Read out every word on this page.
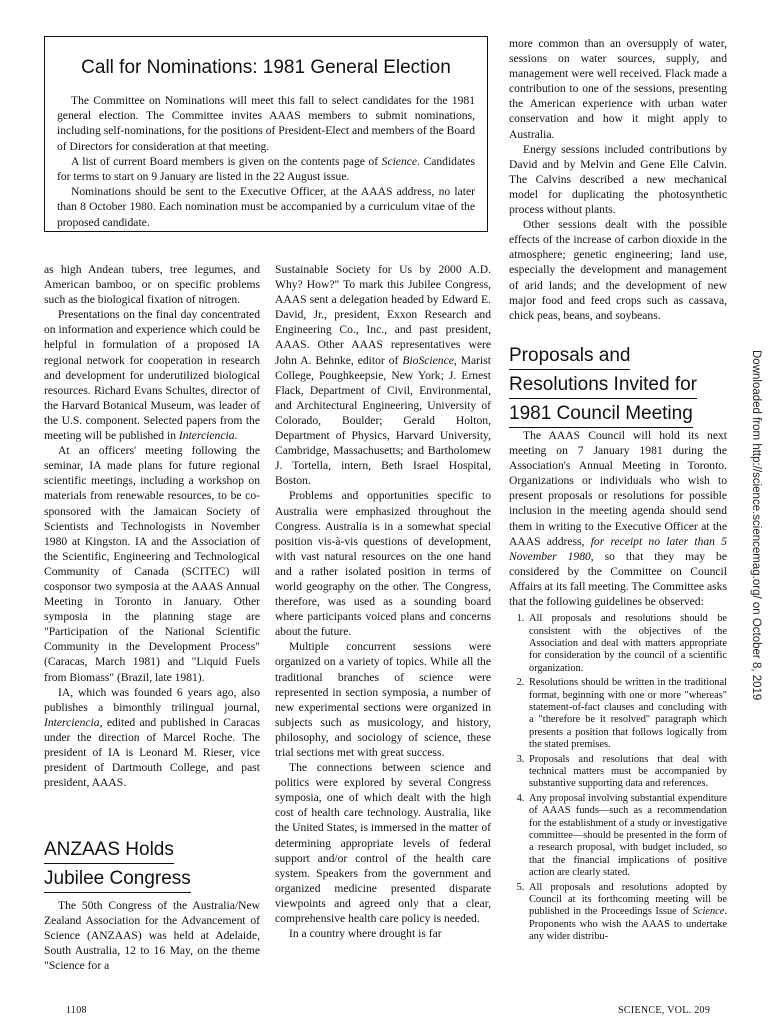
Call for Nominations: 1981 General Election

The Committee on Nominations will meet this fall to select candidates for the 1981 general election. The Committee invites AAAS members to submit nominations, including self-nominations, for the positions of President-Elect and members of the Board of Directors for consideration at that meeting.

A list of current Board members is given on the contents page of Science. Candidates for terms to start on 9 January are listed in the 22 August issue.

Nominations should be sent to the Executive Officer, at the AAAS address, no later than 8 October 1980. Each nomination must be accompanied by a curriculum vitae of the proposed candidate.

as high Andean tubers, tree legumes, and American bamboo, or on specific problems such as the biological fixation of nitrogen.

Presentations on the final day concentrated on information and experience which could be helpful in formulation of a proposed IA regional network for cooperation in research and development for underutilized biological resources. Richard Evans Schultes, director of the Harvard Botanical Museum, was leader of the U.S. component. Selected papers from the meeting will be published in Interciencia.

At an officers' meeting following the seminar, IA made plans for future regional scientific meetings, including a workshop on materials from renewable resources, to be co-sponsored with the Jamaican Society of Scientists and Technologists in November 1980 at Kingston. IA and the Association of the Scientific, Engineering and Technological Community of Canada (SCITEC) will cosponsor two symposia at the AAAS Annual Meeting in Toronto in January. Other symposia in the planning stage are "Participation of the National Scientific Community in the Development Process" (Caracas, March 1981) and "Liquid Fuels from Biomass" (Brazil, late 1981).

IA, which was founded 6 years ago, also publishes a bimonthly trilingual journal, Interciencia, edited and published in Caracas under the direction of Marcel Roche. The president of IA is Leonard M. Rieser, vice president of Dartmouth College, and past president, AAAS.

ANZAAS Holds
Jubilee Congress

The 50th Congress of the Australia/New Zealand Association for the Advancement of Science (ANZAAS) was held at Adelaide, South Australia, 12 to 16 May, on the theme "Science for a

Sustainable Society for Us by 2000 A.D. Why? How?" To mark this Jubilee Congress, AAAS sent a delegation headed by Edward E. David, Jr., president, Exxon Research and Engineering Co., Inc., and past president, AAAS. Other AAAS representatives were John A. Behnke, editor of BioScience, Marist College, Poughkeepsie, New York; J. Ernest Flack, Department of Civil, Environmental, and Architectural Engineering, University of Colorado, Boulder; Gerald Holton, Department of Physics, Harvard University, Cambridge, Massachusetts; and Bartholomew J. Tortella, intern, Beth Israel Hospital, Boston.

Problems and opportunities specific to Australia were emphasized throughout the Congress. Australia is in a somewhat special position vis-à-vis questions of development, with vast natural resources on the one hand and a rather isolated position in terms of world geography on the other. The Congress, therefore, was used as a sounding board where participants voiced plans and concerns about the future.

Multiple concurrent sessions were organized on a variety of topics. While all the traditional branches of science were represented in section symposia, a number of new experimental sections were organized in subjects such as musicology, and history, philosophy, and sociology of science, these trial sections met with great success.

The connections between science and politics were explored by several Congress symposia, one of which dealt with the high cost of health care technology. Australia, like the United States, is immersed in the matter of determining appropriate levels of federal support and/or control of the health care system. Speakers from the government and organized medicine presented disparate viewpoints and agreed only that a clear, comprehensive health care policy is needed.

In a country where drought is far

more common than an oversupply of water, sessions on water sources, supply, and management were well received. Flack made a contribution to one of the sessions, presenting the American experience with urban water conservation and how it might apply to Australia.

Energy sessions included contributions by David and by Melvin and Gene Elle Calvin. The Calvins described a new mechanical model for duplicating the photosynthetic process without plants.

Other sessions dealt with the possible effects of the increase of carbon dioxide in the atmosphere; genetic engineering; land use, especially the development and management of arid lands; and the development of new major food and feed crops such as cassava, chick peas, beans, and soybeans.

Proposals and
Resolutions Invited for
1981 Council Meeting

The AAAS Council will hold its next meeting on 7 January 1981 during the Association's Annual Meeting in Toronto. Organizations or individuals who wish to present proposals or resolutions for possible inclusion in the meeting agenda should send them in writing to the Executive Officer at the AAAS address, for receipt no later than 5 November 1980, so that they may be considered by the Committee on Council Affairs at its fall meeting. The Committee asks that the following guidelines be observed:

1. All proposals and resolutions should be consistent with the objectives of the Association and deal with matters appropriate for consideration by the council of a scientific organization.
2. Resolutions should be written in the traditional format, beginning with one or more "whereas" statement-of-fact clauses and concluding with a "therefore be it resolved" paragraph which presents a position that follows logically from the stated premises.
3. Proposals and resolutions that deal with technical matters must be accompanied by substantive supporting data and references.
4. Any proposal involving substantial expenditure of AAAS funds—such as a recommendation for the establishment of a study or investigative committee—should be presented in the form of a research proposal, with budget included, so that the financial implications of positive action are clearly stated.
5. All proposals and resolutions adopted by Council at its forthcoming meeting will be published in the Proceedings Issue of Science. Proponents who wish the AAAS to undertake any wider distribu-
1108	SCIENCE, VOL. 209
Downloaded from http://science.sciencemag.org/ on October 8, 2019
